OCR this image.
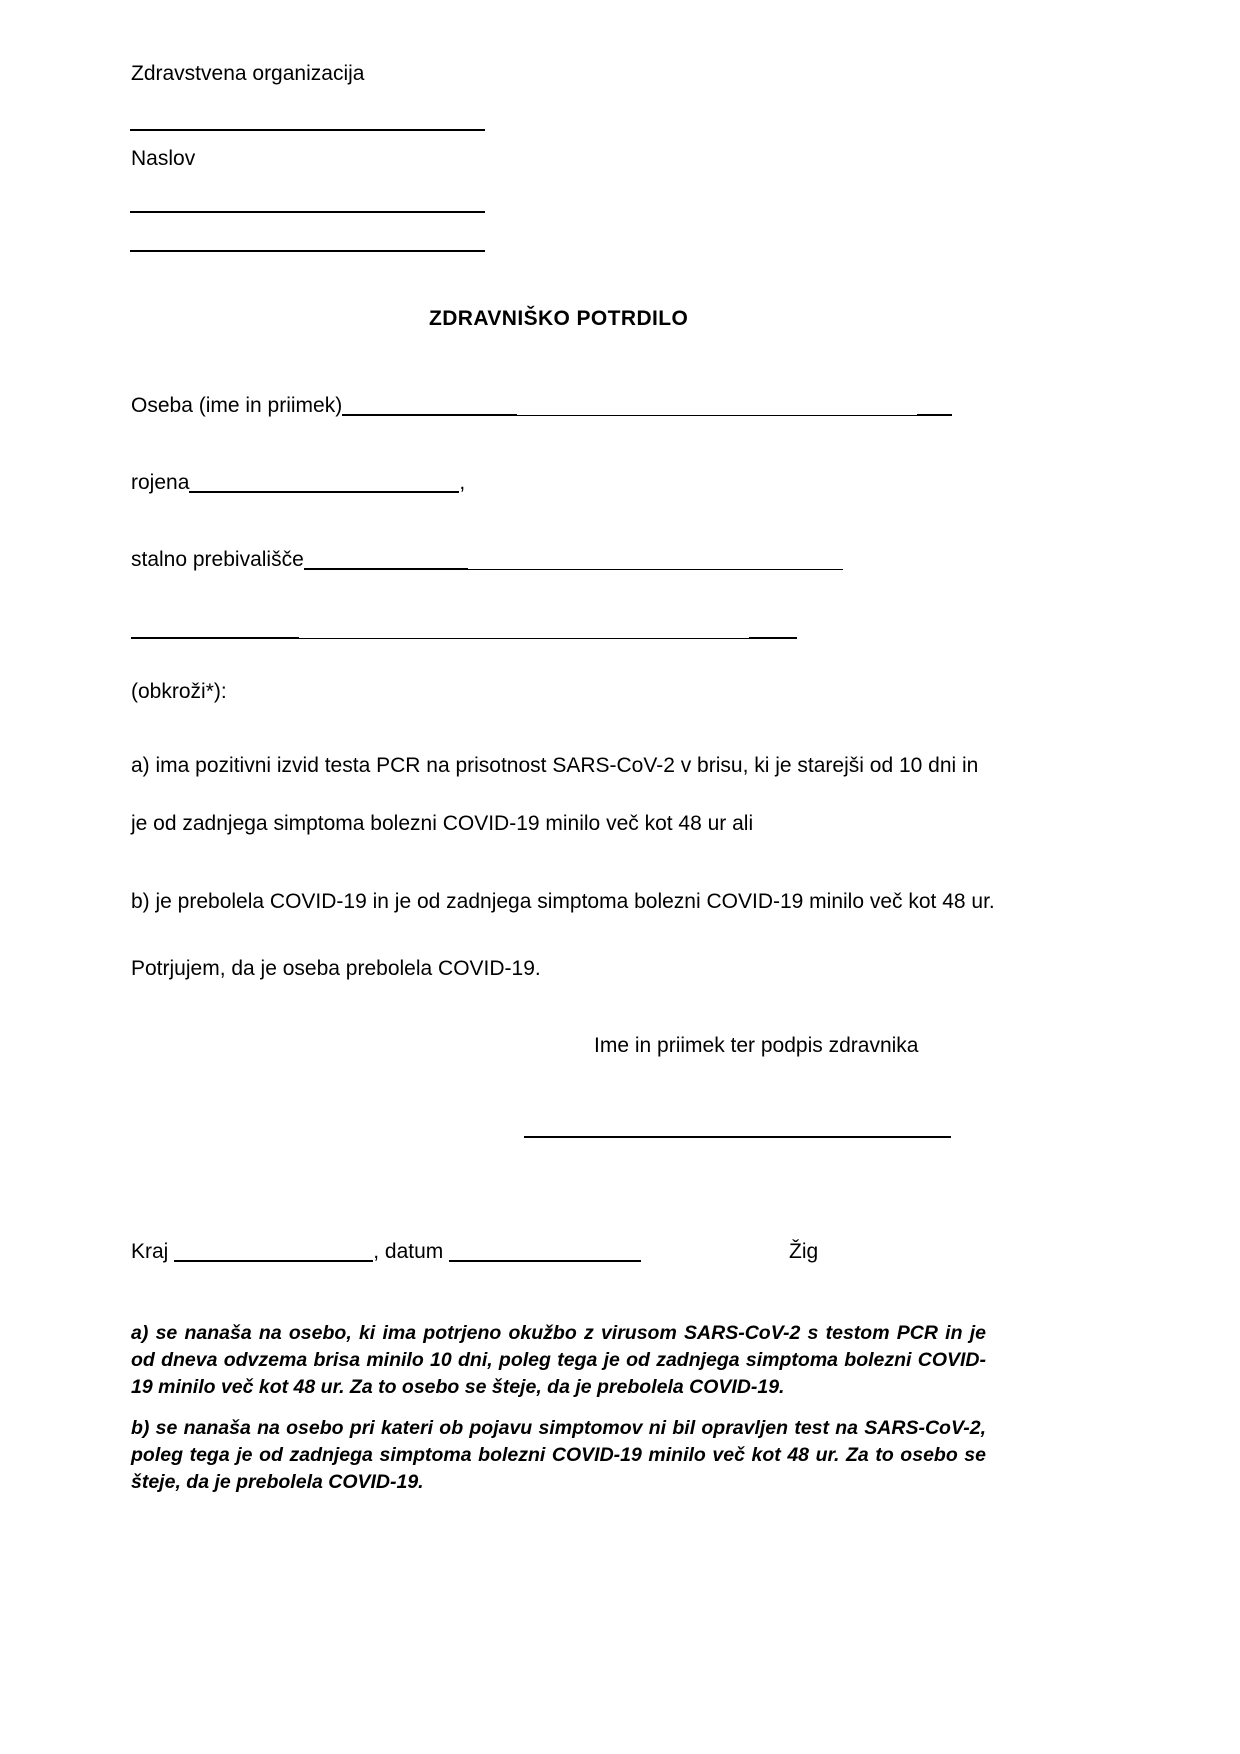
Zdravstvena organizacija
Naslov
ZDRAVNIŠKO POTRDILO
Oseba (ime in priimek)
rojena	,
stalno prebivališče
(obkroži*):
a) ima pozitivni izvid testa PCR na prisotnost SARS-CoV-2 v brisu, ki je starejši od 10 dni in
je od zadnjega simptoma bolezni COVID-19 minilo več kot 48 ur ali
b) je prebolela COVID-19 in je od zadnjega simptoma bolezni COVID-19 minilo več kot 48 ur.
Potrjujem, da je oseba prebolela COVID-19.
Ime in priimek ter podpis zdravnika
Kraj	, datum	Žig
a) se nanaša na osebo, ki ima potrjeno okužbo z virusom SARS-CoV-2 s testom PCR in je od dneva odvzema brisa minilo 10 dni, poleg tega je od zadnjega simptoma bolezni COVID-19 minilo več kot 48 ur. Za to osebo se šteje, da je prebolela COVID-19.
b) se nanaša na osebo pri kateri ob pojavu simptomov ni bil opravljen test na SARS-CoV-2, poleg tega je od zadnjega simptoma bolezni COVID-19 minilo več kot 48 ur. Za to osebo se šteje, da je prebolela COVID-19.
